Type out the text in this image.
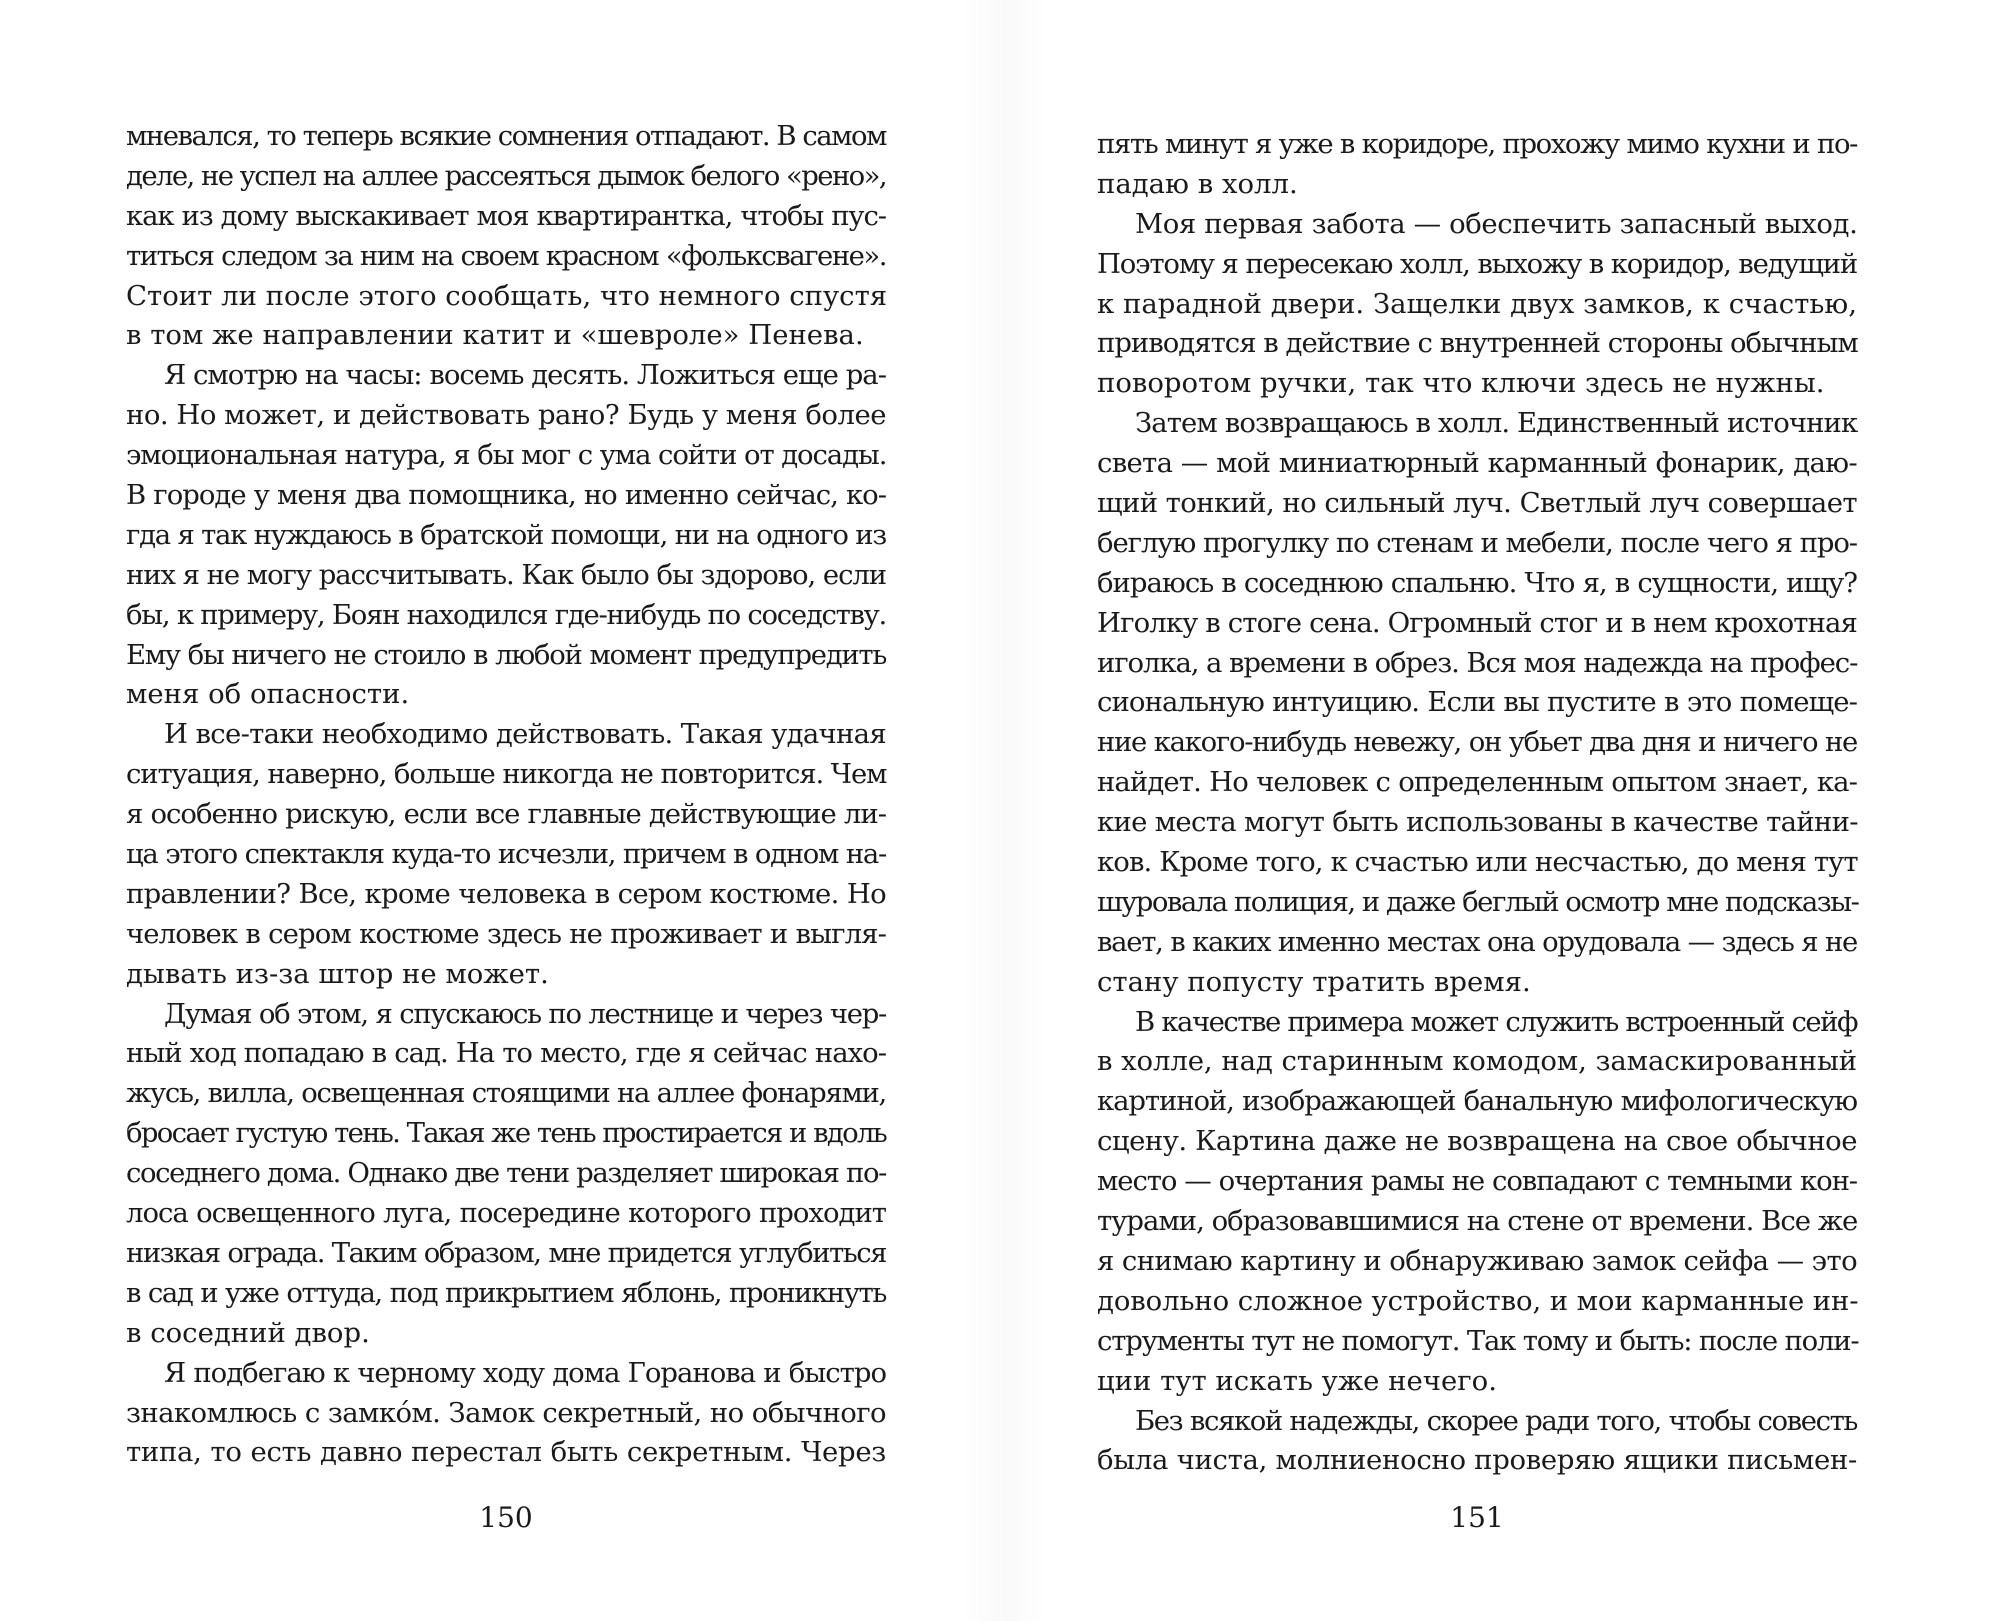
мневался, то теперь всякие сомнения отпадают. В самом
деле, не успел на аллее рассеяться дымок белого «рено»,
как из дому выскакивает моя квартирантка, чтобы пус-
титься следом за ним на своем красном «фольксвагене».
Стоит ли после этого сообщать, что немного спустя
в том же направлении катит и «шевроле» Пенева.
Я смотрю на часы: восемь десять. Ложиться еще ра-
но. Но может, и действовать рано? Будь у меня более
эмоциональная натура, я бы мог с ума сойти от досады.
В городе у меня два помощника, но именно сейчас, ко-
гда я так нуждаюсь в братской помощи, ни на одного из
них я не могу рассчитывать. Как было бы здорово, если
бы, к примеру, Боян находился где-нибудь по соседству.
Ему бы ничего не стоило в любой момент предупредить
меня об опасности.
И все-таки необходимо действовать. Такая удачная
ситуация, наверно, больше никогда не повторится. Чем
я особенно рискую, если все главные действующие ли-
ца этого спектакля куда-то исчезли, причем в одном на-
правлении? Все, кроме человека в сером костюме. Но
человек в сером костюме здесь не проживает и выгля-
дывать из-за штор не может.
Думая об этом, я спускаюсь по лестнице и через чер-
ный ход попадаю в сад. На то место, где я сейчас нахо-
жусь, вилла, освещенная стоящими на аллее фонарями,
бросает густую тень. Такая же тень простирается и вдоль
соседнего дома. Однако две тени разделяет широкая по-
лоса освещенного луга, посередине которого проходит
низкая ограда. Таким образом, мне придется углубиться
в сад и уже оттуда, под прикрытием яблонь, проникнуть
в соседний двор.
Я подбегаю к черному ходу дома Горанова и быстро
знакомлюсь с замко́м. Замок секретный, но обычного
типа, то есть давно перестал быть секретным. Через
150
пять минут я уже в коридоре, прохожу мимо кухни и по-
падаю в холл.
Моя первая забота — обеспечить запасный выход.
Поэтому я пересекаю холл, выхожу в коридор, ведущий
к парадной двери. Защелки двух замков, к счастью,
приводятся в действие с внутренней стороны обычным
поворотом ручки, так что ключи здесь не нужны.
Затем возвращаюсь в холл. Единственный источник
света — мой миниатюрный карманный фонарик, даю-
щий тонкий, но сильный луч. Светлый луч совершает
беглую прогулку по стенам и мебели, после чего я про-
бираюсь в соседнюю спальню. Что я, в сущности, ищу?
Иголку в стоге сена. Огромный стог и в нем крохотная
иголка, а времени в обрез. Вся моя надежда на профес-
сиональную интуицию. Если вы пустите в это помеще-
ние какого-нибудь невежу, он убьет два дня и ничего не
найдет. Но человек с определенным опытом знает, ка-
кие места могут быть использованы в качестве тайни-
ков. Кроме того, к счастью или несчастью, до меня тут
шуровала полиция, и даже беглый осмотр мне подсказы-
вает, в каких именно местах она орудовала — здесь я не
стану попусту тратить время.
В качестве примера может служить встроенный сейф
в холле, над старинным комодом, замаскированный
картиной, изображающей банальную мифологическую
сцену. Картина даже не возвращена на свое обычное
место — очертания рамы не совпадают с темными кон-
турами, образовавшимися на стене от времени. Все же
я снимаю картину и обнаруживаю замок сейфа — это
довольно сложное устройство, и мои карманные ин-
струменты тут не помогут. Так тому и быть: после поли-
ции тут искать уже нечего.
Без всякой надежды, скорее ради того, чтобы совесть
была чиста, молниеносно проверяю ящики письмен-
151
